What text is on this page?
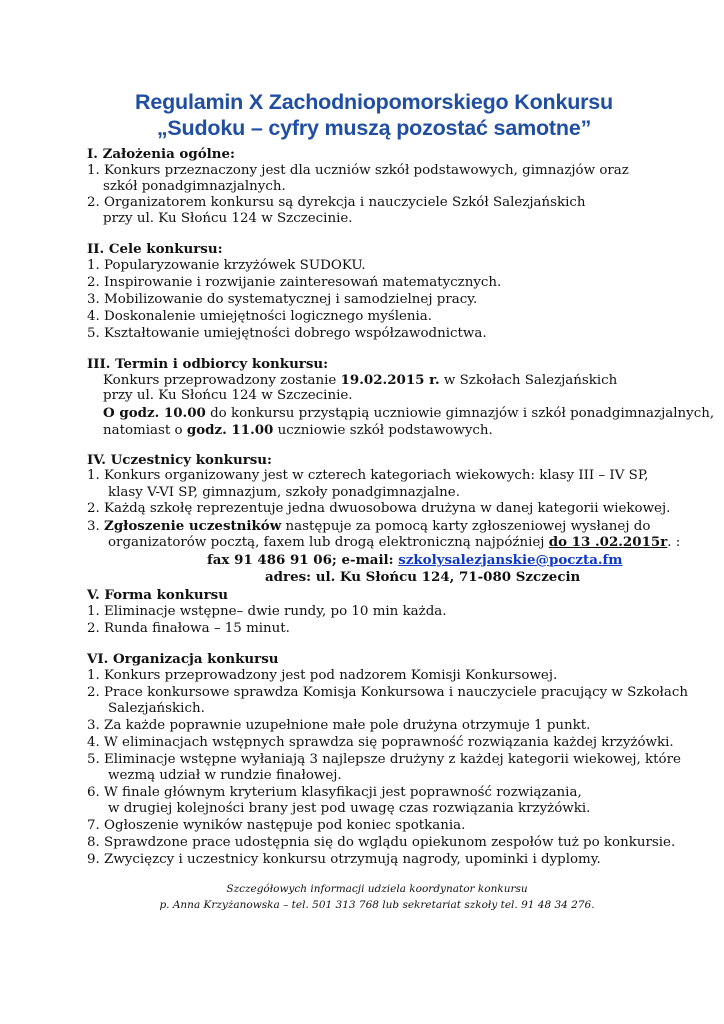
Regulamin X Zachodniopomorskiego Konkursu
„Sudoku – cyfry muszą pozostać samotne”
I. Założenia ogólne:
1. Konkurs przeznaczony jest dla uczniów szkół podstawowych, gimnazjów oraz
szkół ponadgimnazjalnych.
2. Organizatorem konkursu są dyrekcja i nauczyciele Szkół Salezjańskich
przy ul. Ku Słońcu 124 w Szczecinie.
II. Cele konkursu:
1. Popularyzowanie krzyżówek SUDOKU.
2. Inspirowanie i rozwijanie zainteresowań matematycznych.
3. Mobilizowanie do systematycznej i samodzielnej pracy.
4. Doskonalenie umiejętności logicznego myślenia.
5. Kształtowanie umiejętności dobrego współzawodnictwa.
III. Termin i odbiorcy konkursu:
Konkurs przeprowadzony zostanie 19.02.2015 r. w Szkołach Salezjańskich
przy ul. Ku Słońcu 124 w Szczecinie.
O godz. 10.00 do konkursu przystąpią uczniowie gimnazjów i szkół ponadgimnazjalnych,
natomiast o godz. 11.00 uczniowie szkół podstawowych.
IV. Uczestnicy konkursu:
1. Konkurs organizowany jest w czterech kategoriach wiekowych: klasy III – IV SP,
klasy V-VI SP, gimnazjum, szkoły ponadgimnazjalne.
2. Każdą szkołę reprezentuje jedna dwuosobowa drużyna w danej kategorii wiekowej.
3. Zgłoszenie uczestników następuje za pomocą karty zgłoszeniowej wysłanej do
organizatorów pocztą, faxem lub drogą elektroniczną najpóźniej do 13 .02.2015r. :
fax 91 486 91 06; e-mail: szkolysalezjanskie@poczta.fm
adres: ul. Ku Słońcu 124, 71-080 Szczecin
V. Forma konkursu
1. Eliminacje wstępne– dwie rundy, po 10 min każda.
2. Runda finałowa – 15 minut.
VI. Organizacja konkursu
1. Konkurs przeprowadzony jest pod nadzorem Komisji Konkursowej.
2. Prace konkursowe sprawdza Komisja Konkursowa i nauczyciele pracujący w Szkołach
Salezjańskich.
3. Za każde poprawnie uzupełnione małe pole drużyna otrzymuje 1 punkt.
4. W eliminacjach wstępnych sprawdza się poprawność rozwiązania każdej krzyżówki.
5. Eliminacje wstępne wyłaniają 3 najlepsze drużyny z każdej kategorii wiekowej, które
wezmą udział w rundzie finałowej.
6. W finale głównym kryterium klasyfikacji jest poprawność rozwiązania,
w drugiej kolejności brany jest pod uwagę czas rozwiązania krzyżówki.
7. Ogłoszenie wyników następuje pod koniec spotkania.
8. Sprawdzone prace udostępnia się do wglądu opiekunom zespołów tuż po konkursie.
9. Zwycięzcy i uczestnicy konkursu otrzymują nagrody, upominki i dyplomy.
Szczegółowych informacji udziela koordynator konkursu
p. Anna Krzyżanowska – tel. 501 313 768 lub sekretariat szkoły tel. 91 48 34 276.
